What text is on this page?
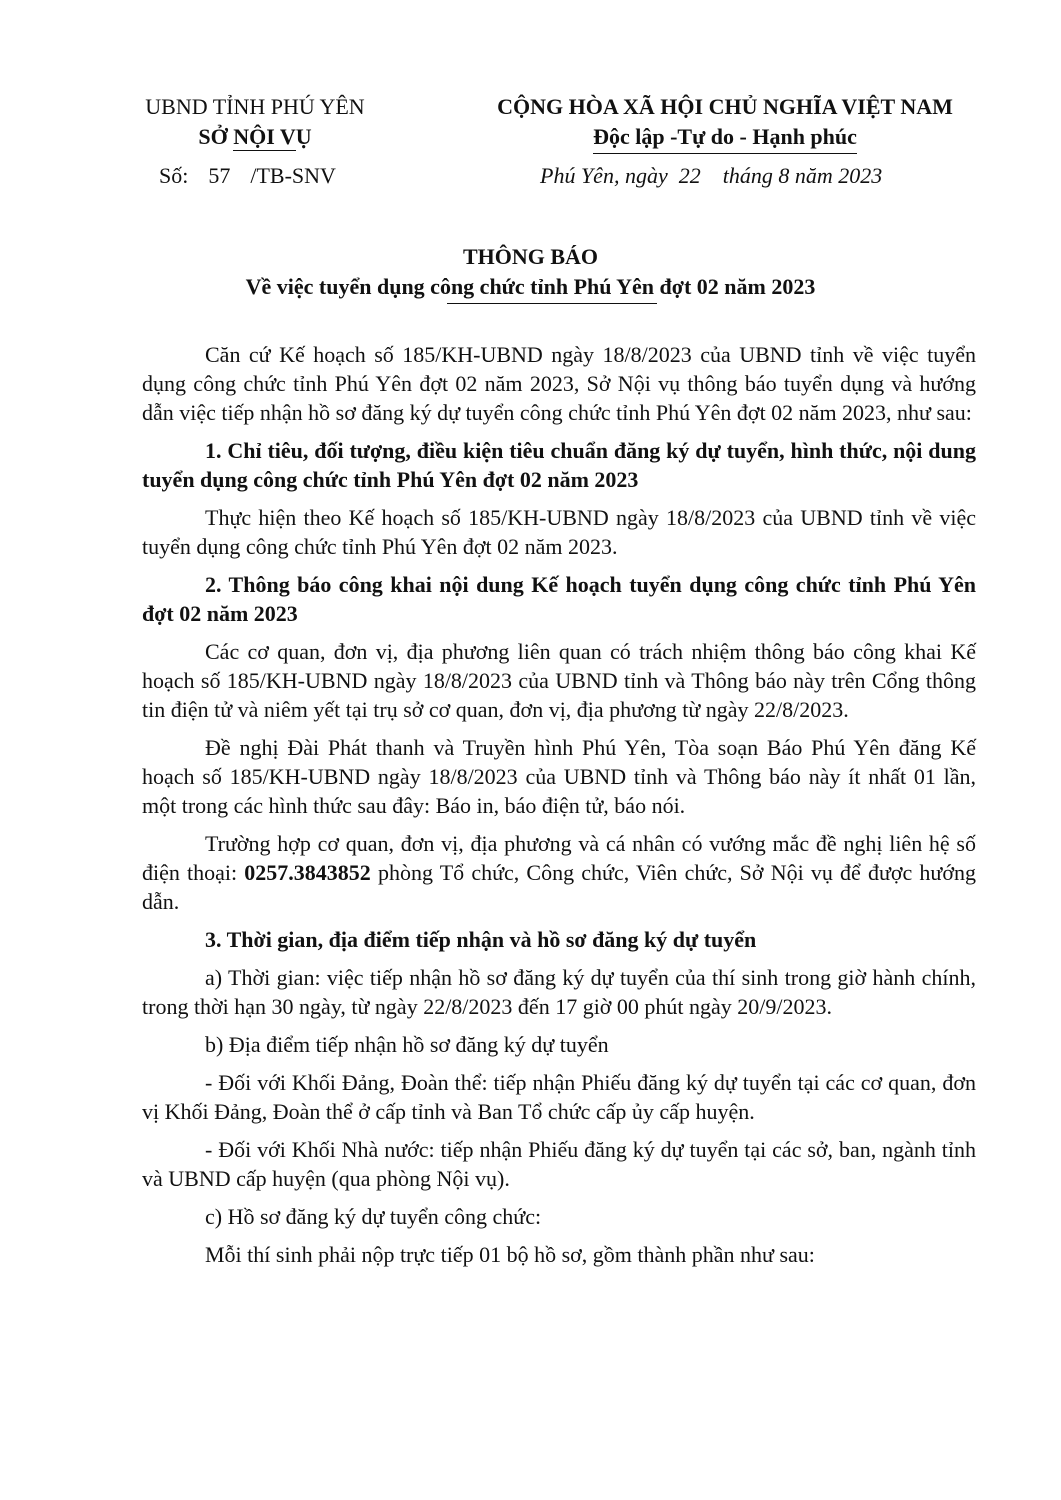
UBND TỈNH PHÚ YÊN
SỞ NỘI VỤ
CỘNG HÒA XÃ HỘI CHỦ NGHĨA VIỆT NAM
Độc lập -Tự do - Hạnh phúc
Số: 57 /TB-SNV	Phú Yên, ngày  22    tháng 8 năm 2023
THÔNG BÁO
Về việc tuyển dụng công chức tỉnh Phú Yên đợt 02 năm 2023

Căn cứ Kế hoạch số 185/KH-UBND ngày 18/8/2023 của UBND tỉnh về việc tuyển dụng công chức tỉnh Phú Yên đợt 02 năm 2023, Sở Nội vụ thông báo tuyển dụng và hướng dẫn việc tiếp nhận hồ sơ đăng ký dự tuyển công chức tỉnh Phú Yên đợt 02 năm 2023, như sau:

1. Chỉ tiêu, đối tượng, điều kiện tiêu chuẩn đăng ký dự tuyển, hình thức, nội dung tuyển dụng công chức tỉnh Phú Yên đợt 02 năm 2023

Thực hiện theo Kế hoạch số 185/KH-UBND ngày 18/8/2023 của UBND tỉnh về việc tuyển dụng công chức tỉnh Phú Yên đợt 02 năm 2023.

2. Thông báo công khai nội dung Kế hoạch tuyển dụng công chức tỉnh Phú Yên đợt 02 năm 2023

Các cơ quan, đơn vị, địa phương liên quan có trách nhiệm thông báo công khai Kế hoạch số 185/KH-UBND ngày 18/8/2023 của UBND tỉnh và Thông báo này trên Cổng thông tin điện tử và niêm yết tại trụ sở cơ quan, đơn vị, địa phương từ ngày 22/8/2023.

Đề nghị Đài Phát thanh và Truyền hình Phú Yên, Tòa soạn Báo Phú Yên đăng Kế hoạch số 185/KH-UBND ngày 18/8/2023 của UBND tỉnh và Thông báo này ít nhất 01 lần, một trong các hình thức sau đây: Báo in, báo điện tử, báo nói.

Trường hợp cơ quan, đơn vị, địa phương và cá nhân có vướng mắc đề nghị liên hệ số điện thoại: 0257.3843852 phòng Tổ chức, Công chức, Viên chức, Sở Nội vụ để được hướng dẫn.

3. Thời gian, địa điểm tiếp nhận và hồ sơ đăng ký dự tuyển

a) Thời gian: việc tiếp nhận hồ sơ đăng ký dự tuyển của thí sinh trong giờ hành chính, trong thời hạn 30 ngày, từ ngày 22/8/2023 đến 17 giờ 00 phút ngày 20/9/2023.

b) Địa điểm tiếp nhận hồ sơ đăng ký dự tuyển

- Đối với Khối Đảng, Đoàn thể: tiếp nhận Phiếu đăng ký dự tuyển tại các cơ quan, đơn vị Khối Đảng, Đoàn thể ở cấp tỉnh và Ban Tổ chức cấp ủy cấp huyện.

- Đối với Khối Nhà nước: tiếp nhận Phiếu đăng ký dự tuyển tại các sở, ban, ngành tỉnh và UBND cấp huyện (qua phòng Nội vụ).

c) Hồ sơ đăng ký dự tuyển công chức:

Mỗi thí sinh phải nộp trực tiếp 01 bộ hồ sơ, gồm thành phần như sau:
